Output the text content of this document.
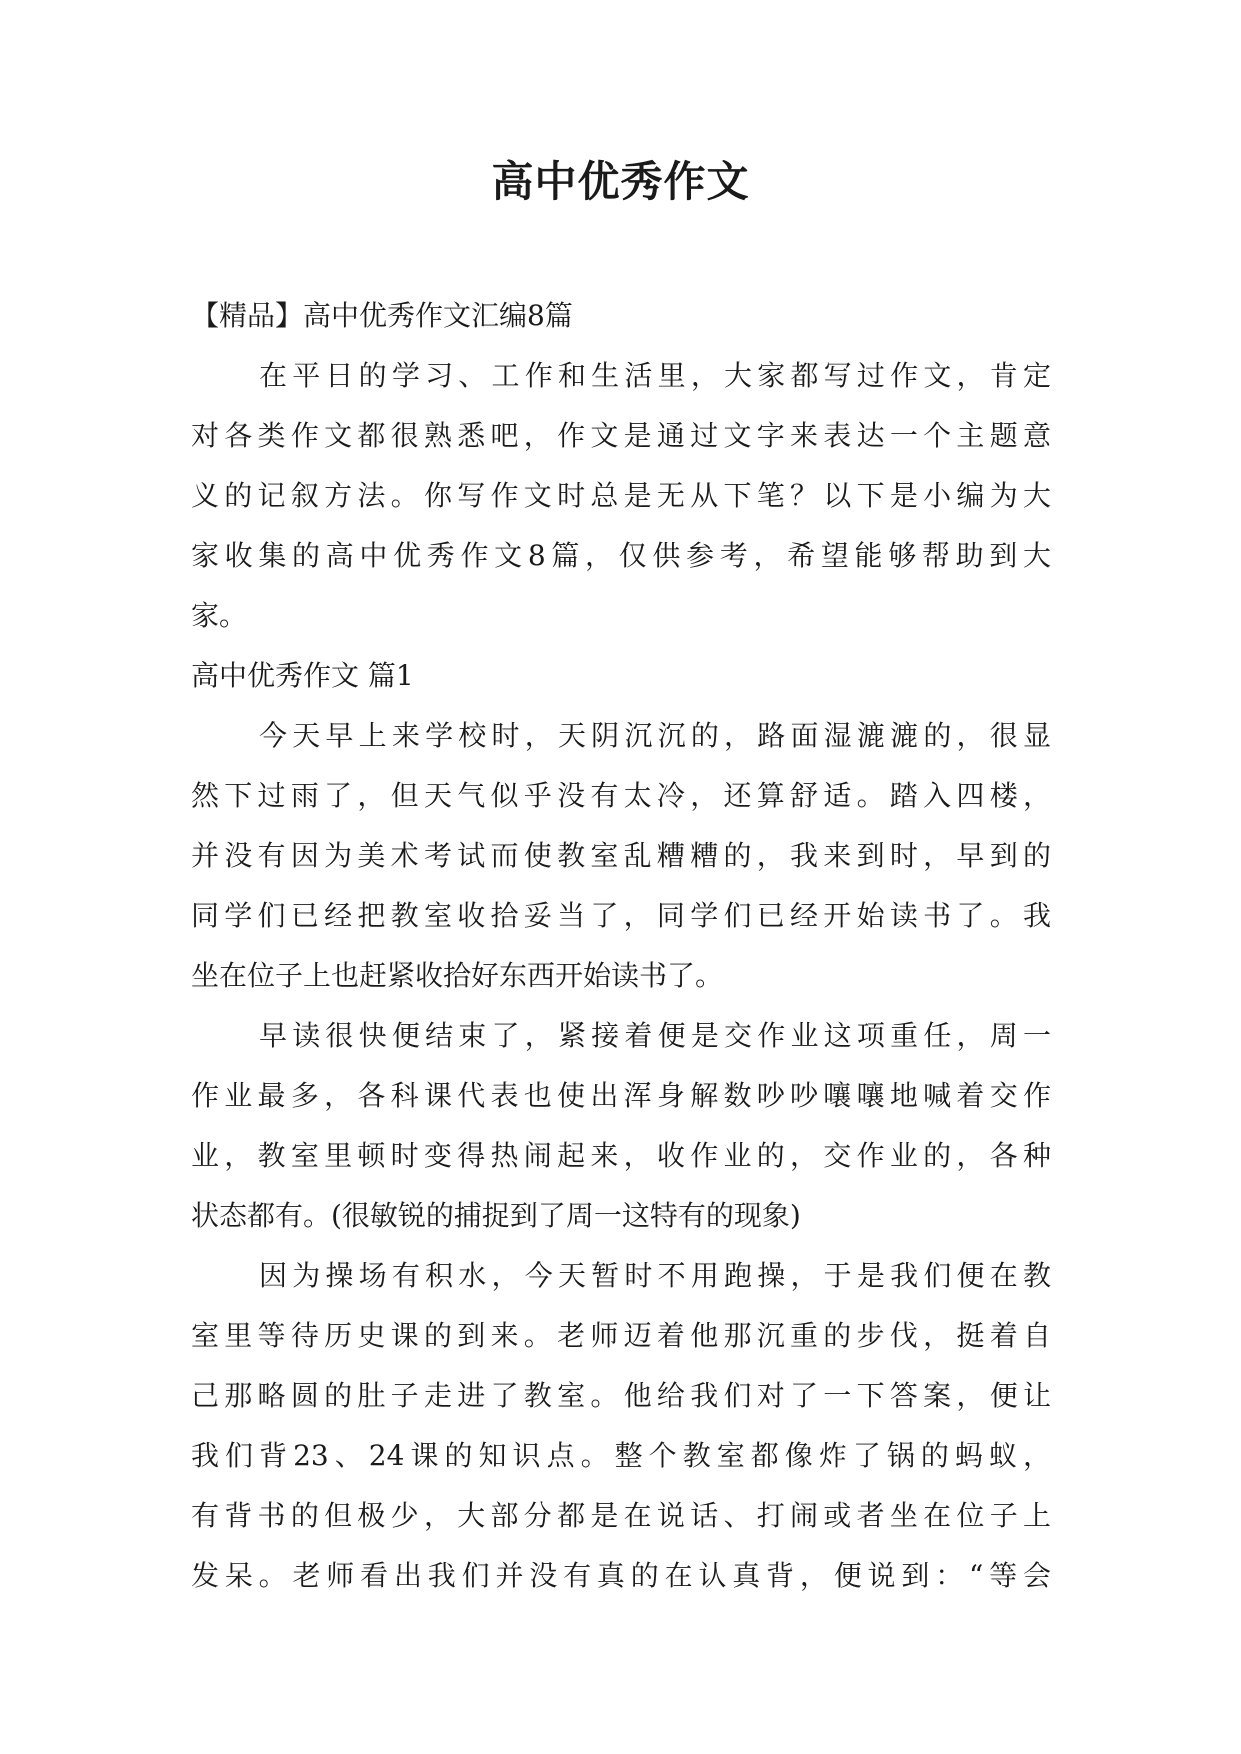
高中优秀作文

【精品】高中优秀作文汇编8篇

在平日的学习、工作和生活里，大家都写过作文，肯定

对各类作文都很熟悉吧，作文是通过文字来表达一个主题意

义的记叙方法。你写作文时总是无从下笔？以下是小编为大

家收集的高中优秀作文8篇，仅供参考，希望能够帮助到大

家。

高中优秀作文 篇1

今天早上来学校时，天阴沉沉的，路面湿漉漉的，很显

然下过雨了，但天气似乎没有太冷，还算舒适。踏入四楼，

并没有因为美术考试而使教室乱糟糟的，我来到时，早到的

同学们已经把教室收拾妥当了，同学们已经开始读书了。我

坐在位子上也赶紧收拾好东西开始读书了。

早读很快便结束了，紧接着便是交作业这项重任，周一

作业最多，各科课代表也使出浑身解数吵吵嚷嚷地喊着交作

业，教室里顿时变得热闹起来，收作业的，交作业的，各种

状态都有。(很敏锐的捕捉到了周一这特有的现象)

因为操场有积水，今天暂时不用跑操，于是我们便在教

室里等待历史课的到来。老师迈着他那沉重的步伐，挺着自

己那略圆的肚子走进了教室。他给我们对了一下答案，便让

我们背23、24课的知识点。整个教室都像炸了锅的蚂蚁，

有背书的但极少，大部分都是在说话、打闹或者坐在位子上

发呆。老师看出我们并没有真的在认真背，便说到：“等会
